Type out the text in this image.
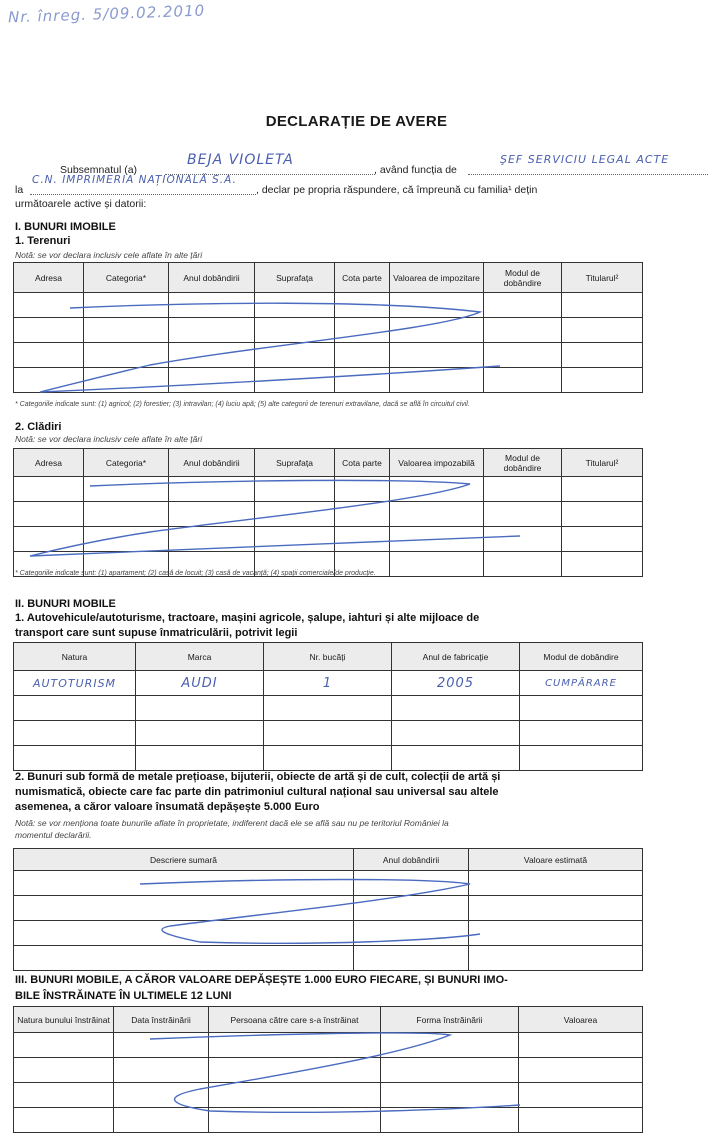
Nr. înreg. 5/09.02.2010
DECLARAȚIE DE AVERE
Subsemnatul (a)
BEJA VIOLETA
, având funcția de
ŞEF SERVICIU LEGAL ACTE
la
C.N. IMPRIMERIA NAȚIONALĂ S.A.
, declar pe propria răspundere, că împreună cu familia¹ dețin
următoarele active și datorii:
I. BUNURI IMOBILE
1. Terenuri
Notă: se vor declara inclusiv cele aflate în alte țări
Adresa	Categoria*	Anul dobândirii	Suprafața	Cota parte	Valoarea de impozitare	Modul de dobândire	Titularul²

* Categoriile indicate sunt: (1) agricol; (2) forestier; (3) intravilan; (4) luciu apă; (5) alte categorii de terenuri extravilane, dacă se află în circuitul civil.
2. Clădiri
Notă: se vor declara inclusiv cele aflate în alte țări
Adresa	Categoria*	Anul dobândirii	Suprafața	Cota parte	Valoarea impozabilă	Modul de dobândire	Titularul²

* Categoriile indicate sunt: (1) apartament; (2) casă de locuit; (3) casă de vacanță; (4) spații comerciale/de producție.
II. BUNURI MOBILE
1. Autovehicule/autoturisme, tractoare, mașini agricole, șalupe, iahturi și alte mijloace de
transport care sunt supuse înmatriculării, potrivit legii
Natura	Marca	Nr. bucăți	Anul de fabricație	Modul de dobândire
AUTOTURISM	AUDI	1	2005	CUMPĂRARE

2. Bunuri sub formă de metale prețioase, bijuterii, obiecte de artă și de cult, colecții de artă și
numismatică, obiecte care fac parte din patrimoniul cultural național sau universal sau altele
asemenea, a căror valoare însumată depășește 5.000 Euro
Notă: se vor menționa toate bunurile aflate în proprietate, indiferent dacă ele se află sau nu pe teritoriul României la
momentul declarării.
Descriere sumară	Anul dobândirii	Valoare estimată

III. BUNURI MOBILE, A CĂROR VALOARE DEPĂȘEȘTE 1.000 EURO FIECARE, ȘI BUNURI IMO-
BILE ÎNSTRĂINATE ÎN ULTIMELE 12 LUNI
Natura bunului înstrăinat	Data înstrăinării	Persoana către care s-a înstrăinat	Forma înstrăinării	Valoarea
